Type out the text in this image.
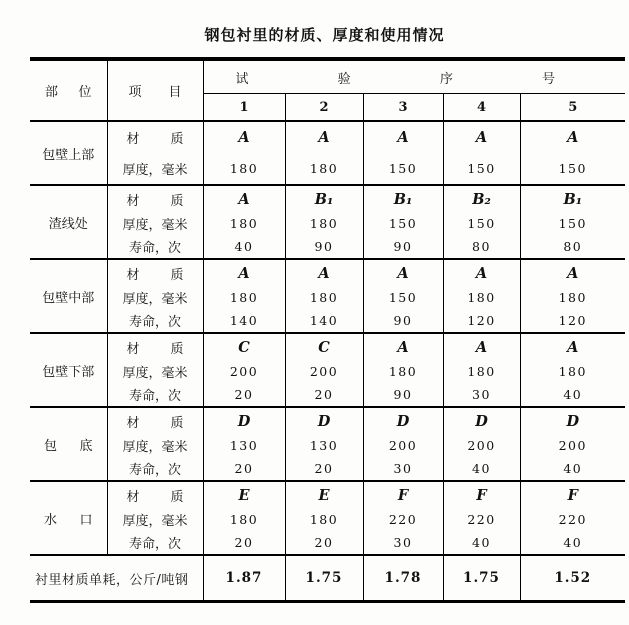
钢包衬里的材质、厚度和使用情况
部 位	项 目	试 验 序 号				
		1	2	3	4	5
包壁上部	材 质	A	A	A	A	A
	厚度，毫米	180	180	150	150	150
渣线处	材 质	A	B₁	B₁	B₂	B₁
	厚度，毫米	180	180	150	150	150
	寿命，次	40	90	90	80	80
包壁中部	材 质	A	A	A	A	A
	厚度，毫米	180	180	150	180	180
	寿命，次	140	140	90	120	120
包壁下部	材 质	C	C	A	A	A
	厚度，毫米	200	200	180	180	180
	寿命，次	20	20	90	30	40
包 底	材 质	D	D	D	D	D
	厚度，毫米	130	130	200	200	200
	寿命，次	20	20	30	40	40
水 口	材 质	E	E	F	F	F
	厚度，毫米	180	180	220	220	220
	寿命，次	20	20	30	40	40
衬里材质单耗，公斤/吨钢		1.87	1.75	1.78	1.75	1.52
